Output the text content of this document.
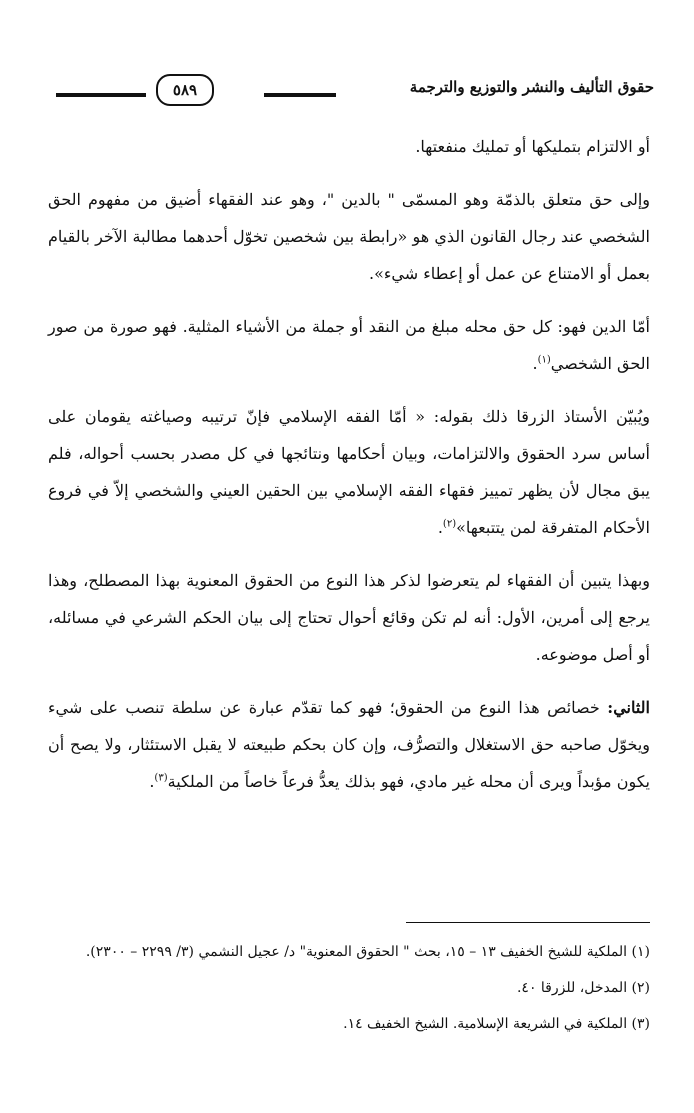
حقوق التأليف والنشر والتوزيع والترجمة
٥٨٩

أو الالتزام بتمليكها أو تمليك منفعتها.

وإلى حق متعلق بالذمّة وهو المسمّى " بالدين "، وهو عند الفقهاء أضيق من مفهوم الحق الشخصي عند رجال القانون الذي هو «رابطة بين شخصين تخوّل أحدهما مطالبة الآخر بالقيام بعمل أو الامتناع عن عمل أو إعطاء شيء».

أمّا الدين فهو: كل حق محله مبلغ من النقد أو جملة من الأشياء المثلية. فهو صورة من صور الحق الشخصي$^{(١)}$.

ويُبيّن الأستاذ الزرقا ذلك بقوله: « أمّا الفقه الإسلامي فإنّ ترتيبه وصياغته يقومان على أساس سرد الحقوق والالتزامات، وبيان أحكامها ونتائجها في كل مصدر بحسب أحواله، فلم يبق مجال لأن يظهر تمييز فقهاء الفقه الإسلامي بين الحقين العيني والشخصي إلاّ في فروع الأحكام المتفرقة لمن يتتبعها»$^{(٢)}$.

وبهذا يتبين أن الفقهاء لم يتعرضوا لذكر هذا النوع من الحقوق المعنوية بهذا المصطلح، وهذا يرجع إلى أمرين، الأول: أنه لم تكن وقائع أحوال تحتاج إلى بيان الحكم الشرعي في مسائله، أو أصل موضوعه.

الثاني: خصائص هذا النوع من الحقوق؛ فهو كما تقدّم عبارة عن سلطة تنصب على شيء ويخوّل صاحبه حق الاستغلال والتصرُّف، وإن كان بحكم طبيعته لا يقبل الاستئثار، ولا يصح أن يكون مؤبداً ويرى أن محله غير مادي، فهو بذلك يعدُّ فرعاً خاصاً من الملكية$^{(٣)}$.

(١) الملكية للشيخ الخفيف ١٣ – ١٥، بحث " الحقوق المعنوية" د/ عجيل النشمي (٣/ ٢٢٩٩ – ٢٣٠٠).

(٢) المدخل، للزرقا ٤٠.

(٣) الملكية في الشريعة الإسلامية. الشيخ الخفيف ١٤.
